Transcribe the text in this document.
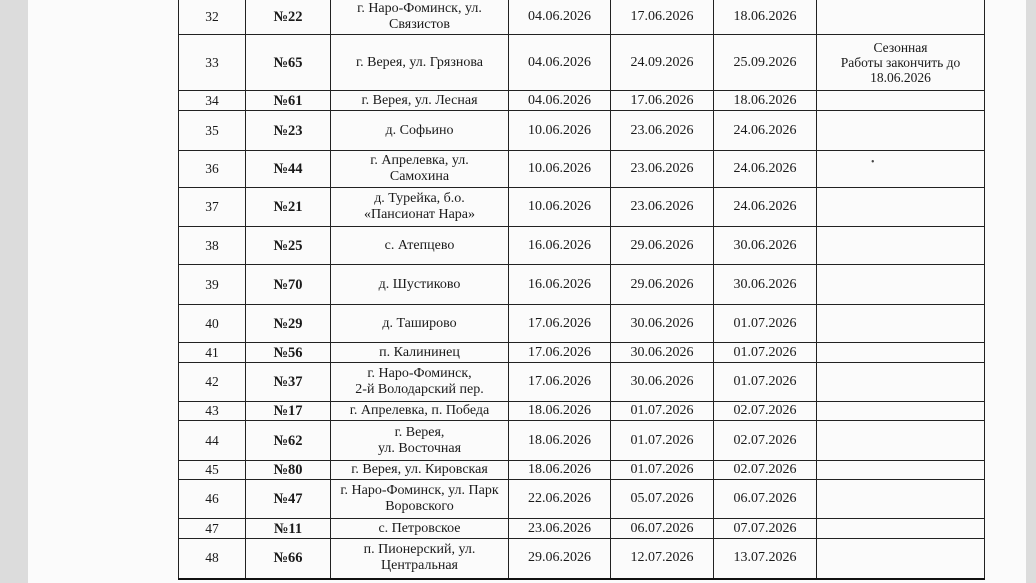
32	№22	г. Наро-Фоминск, ул.
Связистов	04.06.2026	17.06.2026	18.06.2026	
33	№65	г. Верея, ул. Грязнова	04.06.2026	24.09.2026	25.09.2026	Сезонная
Работы закончить до
18.06.2026

34	№61	г. Верея, ул. Лесная	04.06.2026	17.06.2026	18.06.2026	
35	№23	д. Софьино	10.06.2026	23.06.2026	24.06.2026	
36	№44	г. Апрелевка, ул.
Самохина	10.06.2026	23.06.2026	24.06.2026	
37	№21	д. Турейка, б.о.
«Пансионат Нара»	10.06.2026	23.06.2026	24.06.2026	
38	№25	с. Атепцево	16.06.2026	29.06.2026	30.06.2026	
39	№70	д. Шустиково	16.06.2026	29.06.2026	30.06.2026	
40	№29	д. Таширово	17.06.2026	30.06.2026	01.07.2026	
41	№56	п. Калининец	17.06.2026	30.06.2026	01.07.2026	
42	№37	г. Наро-Фоминск,
2-й Володарский пер.	17.06.2026	30.06.2026	01.07.2026	
43	№17	г. Апрелевка, п. Победа	18.06.2026	01.07.2026	02.07.2026	
44	№62	г. Верея,
ул. Восточная	18.06.2026	01.07.2026	02.07.2026	
45	№80	г. Верея, ул. Кировская	18.06.2026	01.07.2026	02.07.2026	
46	№47	г. Наро-Фоминск, ул. Парк
Воровского	22.06.2026	05.07.2026	06.07.2026	
47	№11	с. Петровское	23.06.2026	06.07.2026	07.07.2026	
48	№66	п. Пионерский, ул.
Центральная	29.06.2026	12.07.2026	13.07.2026	
•
